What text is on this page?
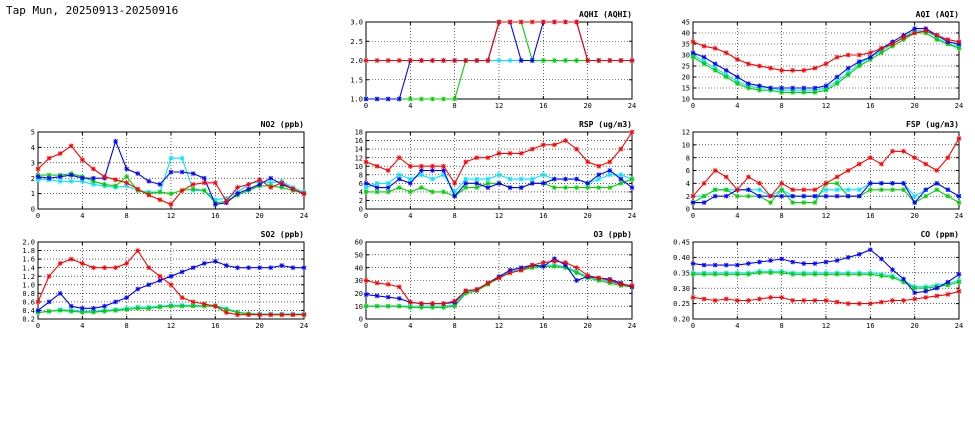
Tap Mun, 20250913-20250916
1.0
1.5
2.0
2.5
3.0
0	4	8	12	16	20	24
AQHI (AQHI)
10
15
20
25
30
35
40
45
0	4	8	12	16	20	24
AQI (AQI)
0
1
2
3
4
5
0	4	8	12	16	20	24
NO2 (ppb)
0
2
4
6
8
10
12
14
16
18
0	4	8	12	16	20	24
RSP (ug/m3)
0
2
4
6
8
10
12
0	4	8	12	16	20	24
FSP (ug/m3)
0.2
0.4
0.6
0.8
1.0
1.2
1.4
1.6
1.8
2.0
0	4	8	12	16	20	24
SO2 (ppb)
0
10
20
30
40
50
60
0	4	8	12	16	20	24
O3 (ppb)
0.20
0.25
0.30
0.35
0.40
0.45
0	4	8	12	16	20	24
CO (ppm)
